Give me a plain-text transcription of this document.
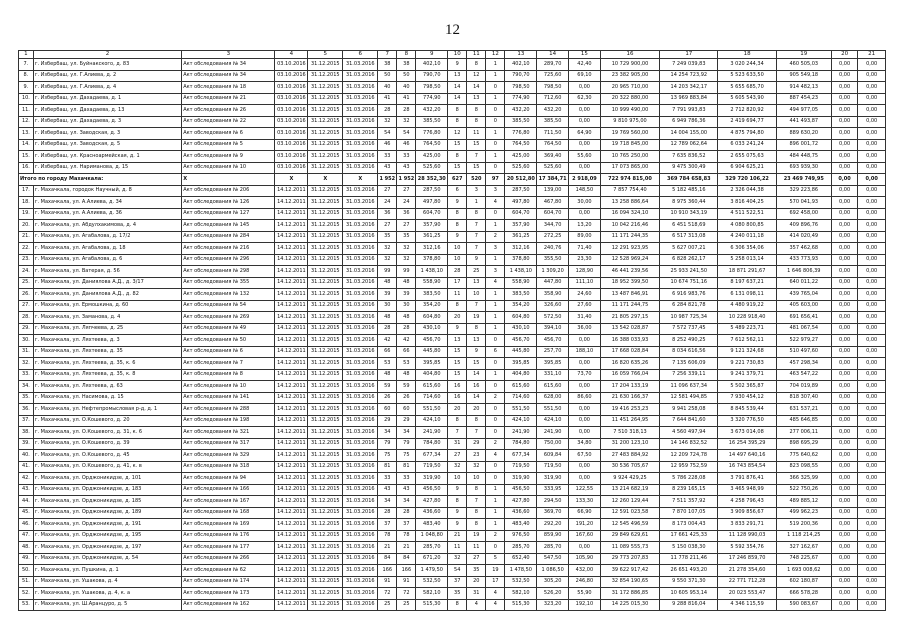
12
1	2	3	4	5	6	7	8	9	10	11	12	13	14	15	16	17	18	19	20	21
7.	г. Избербаш, ул. Буйнакского, д. 83	Акт обследования № 34	03.10.2016	31.12.2015	31.03.2016	38	38	402,10	9	8	1	402,10	289,70	42,40	10 729 900,00	7 249 039,83	3 020 244,34	460 505,03	0,00	0,00
8.	г. Избербаш, ул. Г.Алиева, д. 2	Акт обследования № 34	03.10.2016	31.12.2015	31.03.2016	50	50	790,70	13	12	1	790,70	725,60	69,10	23 382 905,00	14 254 723,92	5 523 633,50	905 549,18	0,00	0,00
9.	г. Избербаш, ул. Г.Алиева, д. 4	Акт обследования № 18	03.10.2016	31.12.2015	31.03.2016	40	40	798,50	14	14	0	798,50	798,50	0,00	20 965 710,00	14 203 342,17	5 655 685,70	914 482,13	0,00	0,00
10.	г. Избербаш, ул. Дахадаева, д. 1	Акт обследования № 21	03.10.2016	31.12.2015	31.03.2016	41	41	774,90	14	13	1	774,90	712,60	62,30	20 322 880,00	13 969 883,84	5 605 543,90	887 454,23	0,00	0,00
11.	г. Избербаш, ул. Дахадаева, д. 13	Акт обследования № 26	03.10.2016	31.12.2015	31.03.2016	28	28	432,20	8	8	0	432,20	432,20	0,00	10 999 490,00	7 791 993,83	2 712 820,92	494 977,05	0,00	0,00
12.	г. Избербаш, ул. Дахадаева, д. 3	Акт обследования № 22	03.10.2016	31.12.2015	31.03.2016	32	32	385,50	8	8	0	385,50	385,50	0,00	9 810 975,00	6 949 786,36	2 419 694,77	441 493,87	0,00	0,00
13.	г. Избербаш, ул. Заводская, д. 3	Акт обследования № 6	03.10.2016	31.12.2015	31.03.2016	54	54	776,80	12	11	1	776,80	711,50	64,90	19 769 560,00	14 004 155,00	4 875 794,80	889 630,20	0,00	0,00
14.	г. Избербаш, ул. Заводская, д. 5	Акт обследования № 5	03.10.2016	31.12.2015	31.03.2016	46	46	764,50	15	15	0	764,50	764,50	0,00	19 718 845,00	12 789 062,64	6 033 241,24	896 001,72	0,00	0,00
15.	г. Избербаш, ул. Красноармейская, д. 1	Акт обследования № 9	03.10.2016	31.12.2015	31.03.2016	33	33	425,00	8	7	1	425,00	369,40	55,60	10 765 250,00	7 635 836,52	2 655 075,63	484 448,75	0,00	0,00
16.	г. Избербаш, ул. Нариманова, д. 15	Акт обследования № 10	03.10.2016	31.12.2015	31.03.2016	43	43	525,60	15	15	0	525,60	525,60	0,00	17 073 865,00	9 475 300,49	6 904 625,21	693 939,30	0,00	0,00
Итого по городу Махачкала:		X	X	X	X	1 952	1 952	28 352,30	627	520	97	20 512,80	17 384,71	2 918,09	722 974 815,00	369 784 658,83	329 720 106,22	23 469 749,95	0,00	0,00
17.	г. Махачкала, городок Научный, д. 8	Акт обследования № 206	14.12.2011	31.12.2015	31.03.2016	27	27	287,50	6	3	3	287,50	139,00	148,50	7 857 754,40	5 182 485,16	2 326 044,38	329 223,86	0,00	0,00
18.	г. Махачкала, ул. А.Алиева, д. 34	Акт обследования № 126	14.12.2011	31.12.2015	31.03.2016	24	24	497,80	9	1	4	497,80	467,80	30,00	13 258 886,64	8 975 360,44	3 816 404,25	570 041,93	0,00	0,00
19.	г. Махачкала, ул. А.Алиева, д. 36	Акт обследования № 127	14.12.2011	31.12.2015	31.03.2016	36	36	604,70	8	8	0	604,70	604,70	0,00	16 094 324,10	10 910 343,19	4 511 522,51	692 458,00	0,00	0,00
20.	г. Махачкала, ул. Абдулхакимова, д. 4	Акт обследования № 145	14.12.2011	31.12.2015	31.03.2016	27	27	357,90	8	7	1	357,90	344,70	13,20	10 042 216,46	6 451 518,69	4 080 800,85	409 896,76	0,00	0,00
21.	г. Махачкала, ул. Агабалова, д. 17/2	Акт обследования № 284	14.12.2011	31.12.2015	31.03.2016	35	35	361,25	9	7	2	361,25	272,25	89,00	11 171 244,35	6 517 313,08	4 240 011,18	414 020,49	0,00	0,00
22.	г. Махачкала, ул. Агабалова, д. 18	Акт обследования № 216	14.12.2011	31.12.2015	31.03.2016	32	32	312,16	10	7	3	312,16	240,76	71,40	12 291 923,95	5 627 007,21	6 306 354,06	357 462,68	0,00	0,00
23.	г. Махачкала, ул. Агабалова, д. 6	Акт обследования № 296	14.12.2011	31.12.2015	31.03.2016	32	32	378,80	10	9	1	378,80	355,50	23,30	12 528 969,24	6 828 262,17	5 258 013,14	433 773,93	0,00	0,00
24.	г. Махачкала, ул. Ватерая, д. 56	Акт обследования № 298	14.12.2011	31.12.2015	31.03.2016	99	99	1 438,10	28	25	3	1 438,10	1 309,20	128,90	46 441 239,56	25 933 241,50	18 871 291,67	1 646 806,39	0,00	0,00
25.	г. Махачкала, ул. Даниялова А.Д., д. 3/17	Акт обследования № 355	14.12.2011	31.12.2015	31.03.2016	48	48	558,90	17	13	4	558,90	447,80	111,10	18 952 399,50	10 674 751,16	8 197 637,21	640 011,22	0,00	0,00
26.	г. Махачкала, ул. Даниялова А.Д., д. 82	Акт обследования № 132	14.12.2011	31.12.2015	31.03.2016	39	39	383,50	11	10	1	383,50	358,90	24,60	13 487 846,91	6 916 983,76	6 131 098,11	439 765,04	0,00	0,00
27.	г. Махачкала, ул. Ермошкина, д. 60	Акт обследования № 54	14.12.2011	31.12.2015	31.03.2016	30	30	354,20	8	7	1	354,20	326,60	27,60	11 171 244,75	6 284 821,78	4 480 919,22	405 603,00	0,00	0,00
28.	г. Махачкала, ул. Заманова, д. 4	Акт обследования № 269	14.12.2011	31.12.2015	31.03.2016	48	48	604,80	20	19	1	604,80	572,50	31,40	21 805 297,15	10 987 725,34	10 228 918,40	691 656,41	0,00	0,00
29.	г. Махачкала, ул. Ляпчеева, д. 25	Акт обследования № 49	14.12.2011	31.12.2015	31.03.2016	28	28	430,10	9	8	1	430,10	394,10	36,00	13 542 028,87	7 572 737,45	5 489 223,71	481 067,54	0,00	0,00
30.	г. Махачкала, ул. Ляхтеева, д. 3	Акт обследования № 50	14.12.2011	31.12.2015	31.03.2016	42	42	456,70	13	13	0	456,70	456,70	0,00	16 388 033,93	8 252 490,25	7 612 562,11	522 979,27	0,00	0,00
31.	г. Махачкала, ул. Ляхтеева, д. 35	Акт обследования № 6	14.12.2011	31.12.2015	31.03.2016	66	66	445,80	15	9	6	445,80	257,70	188,10	17 668 028,84	8 034 616,56	9 121 324,68	510 497,60	0,00	0,00
32.	г. Махачкала, ул. Ляхтеева, д. 35, к. 6	Акт обследования № 7	14.12.2011	31.12.2015	31.03.2016	53	53	395,85	15	15	0	395,85	395,85	0,00	16 820 635,26	7 135 606,09	9 221 730,83	457 298,34	0,00	0,00
33.	г. Махачкала, ул. Ляхтеева, д. 35, к. 8	Акт обследования № 8	14.12.2011	31.12.2015	31.03.2016	48	48	404,80	15	14	1	404,80	331,10	73,70	16 059 766,04	7 256 339,11	9 241 379,71	463 547,22	0,00	0,00
34.	г. Махачкала, ул. Ляхтеева, д. 63	Акт обследования № 10	14.12.2011	31.12.2015	31.03.2016	59	59	615,60	16	16	0	615,60	615,60	0,00	17 204 133,19	11 096 637,34	5 502 365,87	704 019,89	0,00	0,00
35.	г. Махачкала, ул. Насимова, д. 15	Акт обследования № 141	14.12.2011	31.12.2015	31.03.2016	26	26	714,60	16	14	2	714,60	628,00	86,60	21 630 166,37	12 581 494,85	7 930 454,12	818 307,40	0,00	0,00
36.	г. Махачкала, ул. Нефтепромысловая р-д, д. 1	Акт обследования № 288	14.12.2011	31.12.2015	31.03.2016	60	60	551,50	20	20	0	551,50	551,50	0,00	19 416 253,23	9 941 258,08	8 845 539,44	631 537,21	0,00	0,00
37.	г. Махачкала, ул. О.Кошевого, д. 20	Акт обследования № 198	14.12.2011	31.12.2015	31.03.2016	29	29	424,10	8	8	0	424,10	424,10	0,00	11 451 264,95	7 644 841,60	3 320 776,50	485 646,85	0,00	0,00
38.	г. Махачкала, ул. О.Кошевого, д. 31, к. 6	Акт обследования № 321	14.12.2011	31.12.2015	31.03.2016	34	34	241,90	7	7	0	241,90	241,90	0,00	7 510 318,13	4 560 497,94	3 673 014,08	277 006,11	0,00	0,00
39.	г. Махачкала, ул. О.Кошевого, д. 39	Акт обследования № 317	14.12.2011	31.12.2015	31.03.2016	79	79	784,80	31	29	2	784,80	750,00	34,80	31 200 123,10	14 146 832,52	16 254 395,29	898 695,29	0,00	0,00
40.	г. Махачкала, ул. О.Кошевого, д. 45	Акт обследования № 329	14.12.2011	31.12.2015	31.03.2016	75	75	677,34	27	23	4	677,34	609,84	67,50	27 483 884,92	12 209 724,78	14 497 640,16	775 640,62	0,00	0,00
41.	г. Махачкала, ул. О.Кошевого, д. 41, к. в	Акт обследования № 318	14.12.2011	31.12.2015	31.03.2016	81	81	719,50	32	32	0	719,50	719,50	0,00	30 536 705,67	12 959 752,59	16 743 854,54	823 098,55	0,00	0,00
42.	г. Махачкала, ул. Орджоникидзе, д. 101	Акт обследования № 94	14.12.2011	31.12.2015	31.03.2016	33	33	319,90	10	10	0	319,90	319,90	0,00	9 924 429,25	5 786 228,08	3 791 876,41	366 325,99	0,00	0,00
43.	г. Махачкала, ул. Орджоникидзе, д. 183	Акт обследования № 166	14.12.2011	31.12.2015	31.03.2016	43	43	456,50	9	8	1	456,50	333,95	122,55	13 214 682,19	8 239 165,15	3 465 948,99	522 750,26	0,00	0,00
44.	г. Махачкала, ул. Орджоникидзе, д. 185	Акт обследования № 167	14.12.2011	31.12.2015	31.03.2016	34	34	427,80	8	7	1	427,80	294,50	133,30	12 260 129,44	7 511 357,92	4 258 796,43	489 885,12	0,00	0,00
45.	г. Махачкала, ул. Орджоникидзе, д. 189	Акт обследования № 168	14.12.2011	31.12.2015	31.03.2016	28	28	436,60	9	8	1	436,60	369,70	66,90	12 591 023,58	7 870 107,05	3 909 856,67	499 962,23	0,00	0,00
46.	г. Махачкала, ул. Орджоникидзе, д. 191	Акт обследования № 169	14.12.2011	31.12.2015	31.03.2016	37	37	483,40	9	8	1	483,40	292,20	191,20	12 545 496,59	8 173 004,43	3 833 291,71	519 200,36	0,00	0,00
47.	г. Махачкала, ул. Орджоникидзе, д. 195	Акт обследования № 176	14.12.2011	31.12.2015	31.03.2016	78	78	1 048,80	21	19	2	976,50	859,90	167,60	29 849 629,61	17 661 425,33	11 128 990,03	1 118 214,25	0,00	0,00
48.	г. Махачкала, ул. Орджоникидзе, д. 197	Акт обследования № 177	14.12.2011	31.12.2015	31.03.2016	21	21	285,70	11	11	0	285,70	285,70	0,00	11 089 555,73	5 150 038,30	5 592 354,76	327 162,67	0,00	0,00
49.	г. Махачкала, ул. Орджоникидзе, д. 54	Акт обследования № 266	14.12.2011	31.12.2015	31.03.2016	84	84	671,20	32	27	5	652,40	547,50	105,90	29 773 207,83	11 778 211,46	17 246 859,70	748 225,67	0,00	0,00
50.	г. Махачкала, ул. Пушкина, д. 1	Акт обследования № 62	14.12.2011	31.12.2015	31.03.2016	166	166	1 479,50	54	35	19	1 478,50	1 086,50	432,00	39 622 917,42	26 651 493,20	21 278 354,60	1 693 008,62	0,00	0,00
51.	г. Махачкала, ул. Ушакова, д. 4	Акт обследования № 174	14.12.2011	31.12.2015	31.03.2016	91	91	532,50	37	20	17	532,50	305,20	246,80	32 854 190,65	9 550 371,30	22 771 712,28	602 180,87	0,00	0,00
52.	г. Махачкала, ул. Ушакова, д. 4, к. а	Акт обследования № 173	14.12.2011	31.12.2015	31.03.2016	72	72	582,10	35	31	4	582,10	526,20	55,90	31 172 886,85	10 605 953,14	20 023 553,47	666 578,28	0,00	0,00
53.	г. Махачкала, ул. Ш.Аранцуро, д. 5	Акт обследования № 162	14.12.2011	31.12.2015	31.03.2016	25	25	515,30	8	4	4	515,30	323,20	192,10	14 225 015,30	9 288 816,04	4 346 115,59	590 083,67	0,00	0,00
